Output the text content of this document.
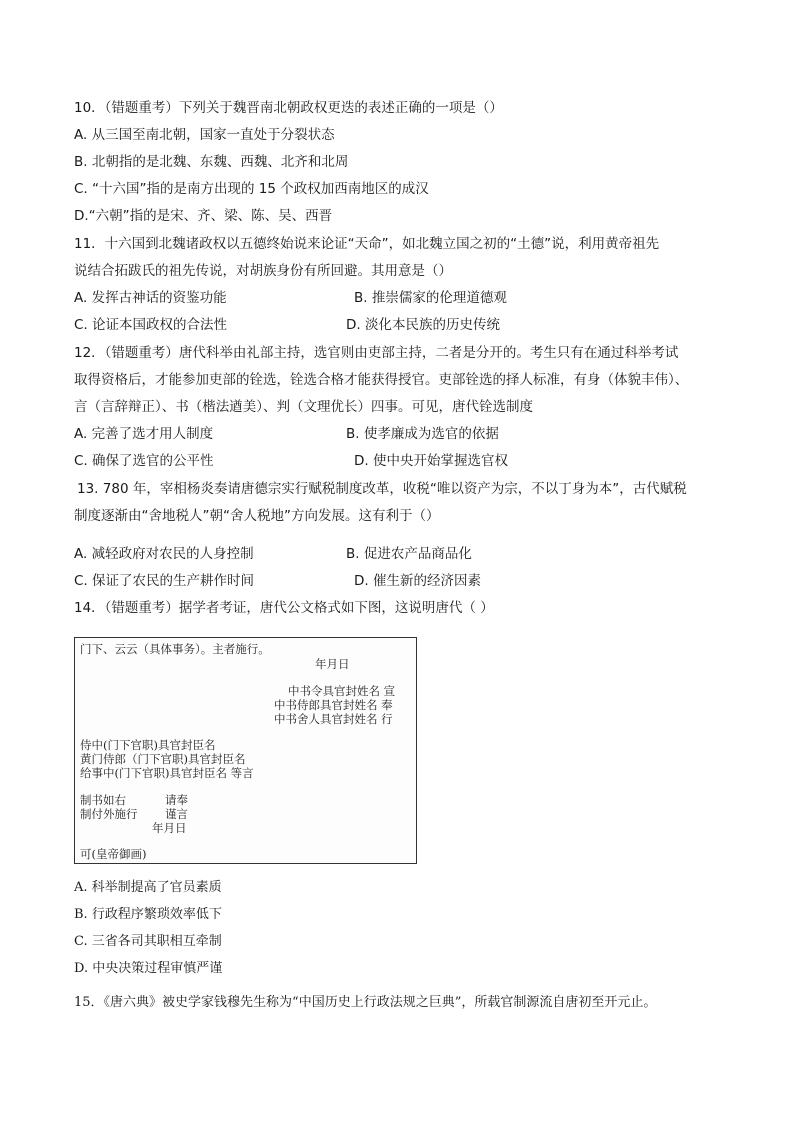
10．（错题重考）下列关于魏晋南北朝政权更迭的表述正确的一项是（）
A. 从三国至南北朝，国家一直处于分裂状态
B. 北朝指的是北魏、东魏、西魏、北齐和北周
C. “十六国”指的是南方出现的 15 个政权加西南地区的成汉
D.“六朝”指的是宋、齐、梁、陈、吴、西晋
11．十六国到北魏诸政权以五德终始说来论证“天命”，如北魏立国之初的“土德”说，利用黄帝祖先
说结合拓跋氏的祖先传说，对胡族身份有所回避。其用意是（）
A. 发挥古神话的资鉴功能	B. 推崇儒家的伦理道德观
C. 论证本国政权的合法性	D. 淡化本民族的历史传统
12．（错题重考）唐代科举由礼部主持，选官则由吏部主持，二者是分开的。考生只有在通过科举考试
取得资格后，才能参加吏部的铨选，铨选合格才能获得授官。吏部铨选的择人标准，有身（体貌丰伟）、
言（言辞辩正）、书（楷法遒美）、判（文理优长）四事。可见，唐代铨选制度
A. 完善了选才用人制度	B. 使孝廉成为选官的依据
C. 确保了选官的公平性	D. 使中央开始掌握选官权
13. 780 年，宰相杨炎奏请唐德宗实行赋税制度改革，收税“唯以资产为宗，不以丁身为本”，古代赋税
制度逐渐由“舍地税人”朝“舍人税地”方向发展。这有利于（）
A. 减轻政府对农民的人身控制	B. 促进农产品商品化
C. 保证了农民的生产耕作时间	D. 催生新的经济因素
14．（错题重考）据学者考证，唐代公文格式如下图，这说明唐代（ ）
门下、云云（具体事务）。主者施行。
年月日
中书令具官封姓名 宣
中书侍郎具官封姓名 奉
中书舍人具官封姓名 行
侍中(门下官职)具官封臣名
黄门侍郎（门下官职)具官封臣名
给事中(门下官职)具官封臣名 等言
制书如右	请奉
制付外施行 谨言
年月日
可(皇帝御画)
A. 科举制提高了官员素质
B. 行政程序繁琐效率低下
C. 三省各司其职相互牵制
D. 中央决策过程审慎严谨
15．《唐六典》被史学家钱穆先生称为“中国历史上行政法规之巨典”，所载官制源流自唐初至开元止。
